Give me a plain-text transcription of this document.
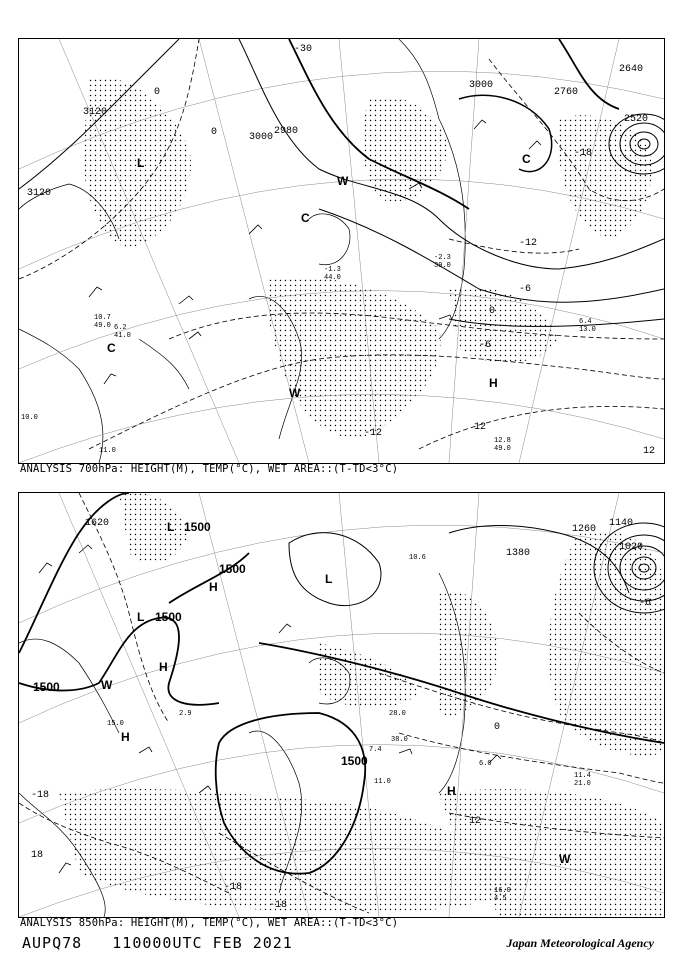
3120
3120
3000
3000
2760
2640
2520
2980
-30
-18
-12
-12
-6
-6
0
0
0
12
12
L
C
C
C
W
W
H
12.8
49.0
11.0
10.0
6.2
41.0
10.7
49.0	6.4
13.0
-1.3
44.0
-2.3
39.0
ANALYSIS 700hPa: HEIGHT(M), TEMP(°C), WET AREA::(T-TD<3°C)
1500
1500
1500
1500
1500
1620
1380
1260
1140
1020
-18
-18
-18
-6
0
12
18
L
L
L
H
H
H
H
W
W
11.4
21.0
16.0
4.5
6.0
38.0
7.4
11.0
15.0
2.9
10.6
28.0
ANALYSIS 850hPa: HEIGHT(M), TEMP(°C), WET AREA::(T-TD<3°C)
AUPQ78 110000UTC FEB 2021	Japan Meteorological Agency
